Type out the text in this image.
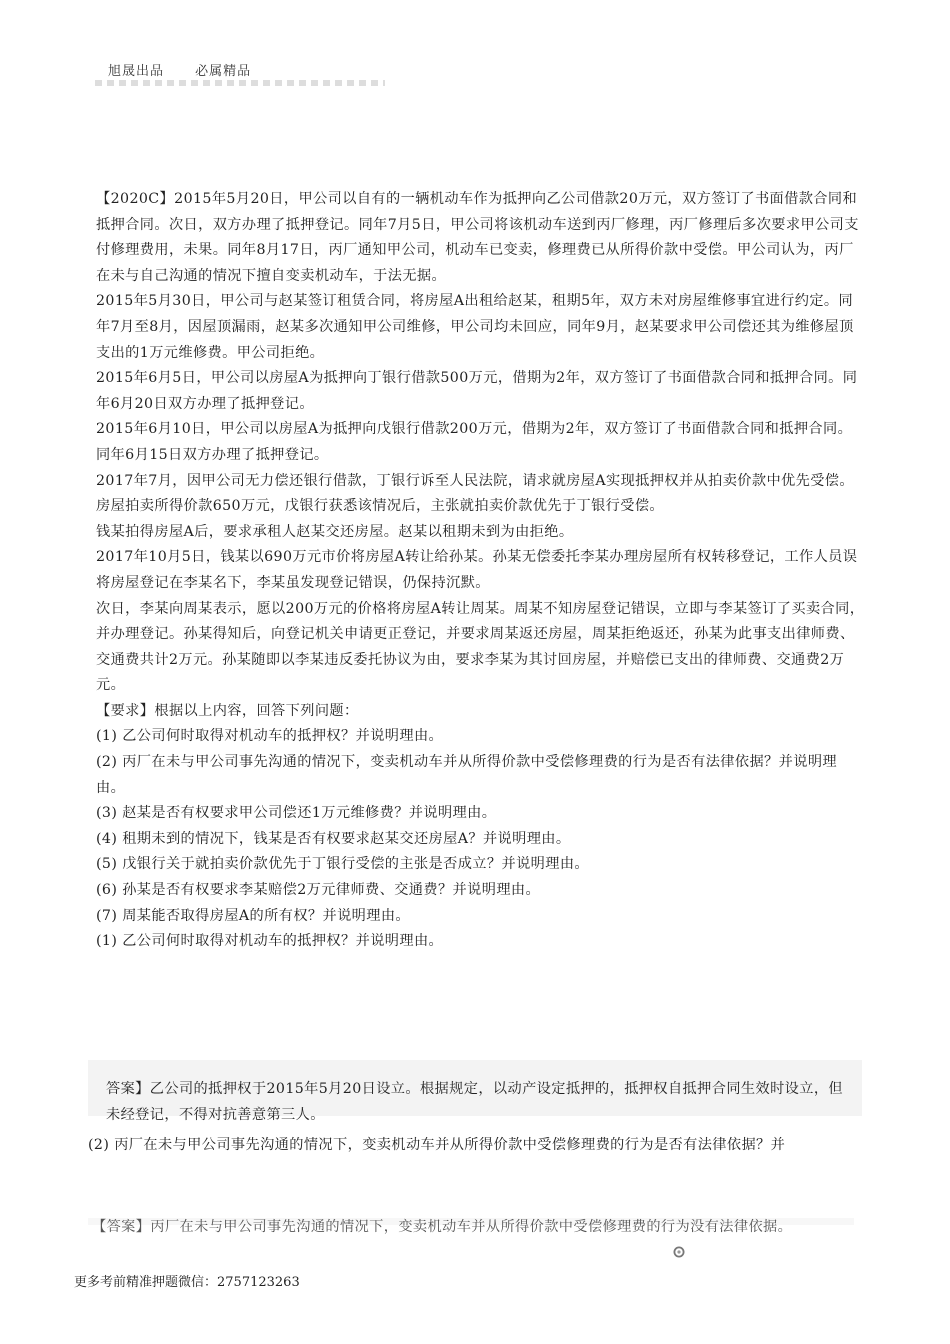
旭晟出品 必属精品

【2020C】2015年5月20日，甲公司以自有的一辆机动车作为抵押向乙公司借款20万元，双方签订了书面借款合同和抵押合同。次日，双方办理了抵押登记。同年7月5日，甲公司将该机动车送到丙厂修理，丙厂修理后多次要求甲公司支付修理费用，未果。同年8月17日，丙厂通知甲公司，机动车已变卖，修理费已从所得价款中受偿。甲公司认为，丙厂在未与自己沟通的情况下擅自变卖机动车，于法无据。

2015年5月30日，甲公司与赵某签订租赁合同，将房屋A出租给赵某，租期5年，双方未对房屋维修事宜进行约定。同年7月至8月，因屋顶漏雨，赵某多次通知甲公司维修，甲公司均未回应，同年9月，赵某要求甲公司偿还其为维修屋顶支出的1万元维修费。甲公司拒绝。

2015年6月5日，甲公司以房屋A为抵押向丁银行借款500万元，借期为2年，双方签订了书面借款合同和抵押合同。同年6月20日双方办理了抵押登记。

2015年6月10日，甲公司以房屋A为抵押向戊银行借款200万元，借期为2年，双方签订了书面借款合同和抵押合同。同年6月15日双方办理了抵押登记。

2017年7月，因甲公司无力偿还银行借款，丁银行诉至人民法院，请求就房屋A实现抵押权并从拍卖价款中优先受偿。房屋拍卖所得价款650万元，戊银行获悉该情况后，主张就拍卖价款优先于丁银行受偿。

钱某拍得房屋A后，要求承租人赵某交还房屋。赵某以租期未到为由拒绝。

2017年10月5日，钱某以690万元市价将房屋A转让给孙某。孙某无偿委托李某办理房屋所有权转移登记，工作人员误将房屋登记在李某名下，李某虽发现登记错误，仍保持沉默。

次日，李某向周某表示，愿以200万元的价格将房屋A转让周某。周某不知房屋登记错误，立即与李某签订了买卖合同，并办理登记。孙某得知后，向登记机关申请更正登记，并要求周某返还房屋，周某拒绝返还，孙某为此事支出律师费、交通费共计2万元。孙某随即以李某违反委托协议为由，要求李某为其讨回房屋，并赔偿已支出的律师费、交通费2万元。

【要求】根据以上内容，回答下列问题：

(1) 乙公司何时取得对机动车的抵押权？并说明理由。

(2) 丙厂在未与甲公司事先沟通的情况下，变卖机动车并从所得价款中受偿修理费的行为是否有法律依据？并说明理由。

(3) 赵某是否有权要求甲公司偿还1万元维修费？并说明理由。

(4) 租期未到的情况下，钱某是否有权要求赵某交还房屋A？并说明理由。

(5) 戊银行关于就拍卖价款优先于丁银行受偿的主张是否成立？并说明理由。

(6) 孙某是否有权要求李某赔偿2万元律师费、交通费？并说明理由。

(7) 周某能否取得房屋A的所有权？并说明理由。

(1) 乙公司何时取得对机动车的抵押权？并说明理由。

答案】乙公司的抵押权于2015年5月20日设立。根据规定，以动产设定抵押的，抵押权自抵押合同生效时设立，但未经登记，不得对抗善意第三人。

(2) 丙厂在未与甲公司事先沟通的情况下，变卖机动车并从所得价款中受偿修理费的行为是否有法律依据？并

【答案】丙厂在未与甲公司事先沟通的情况下，变卖机动车并从所得价款中受偿修理费的行为没有法律依据。

更多考前精准押题微信：2757123263
